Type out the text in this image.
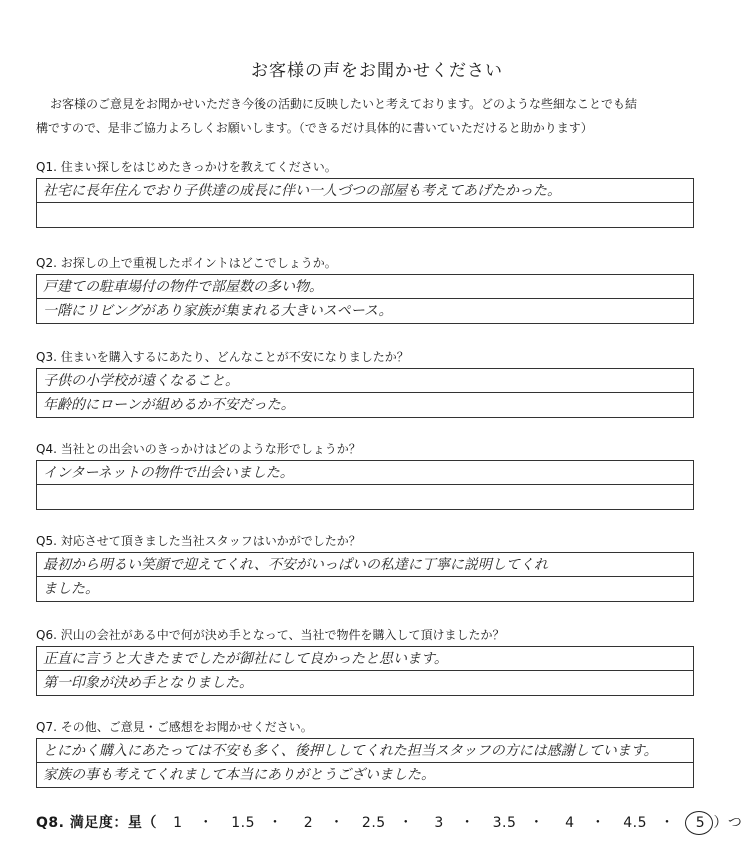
お客様の声をお聞かせください
お客様のご意見をお聞かせいただき今後の活動に反映したいと考えております。どのような些細なことでも結
構ですので、是非ご協力よろしくお願いします。（できるだけ具体的に書いていただけると助かります）
Q1. 住まい探しをはじめたきっかけを教えてください。
社宅に長年住んでおり子供達の成長に伴い一人づつの部屋も考えてあげたかった。
Q2. お探しの上で重視したポイントはどこでしょうか。
戸建ての駐車場付の物件で部屋数の多い物。
一階にリビングがあり家族が集まれる大きいスペース。
Q3. 住まいを購入するにあたり、どんなことが不安になりましたか？
子供の小学校が遠くなること。
年齢的にローンが組めるか不安だった。
Q4. 当社との出会いのきっかけはどのような形でしょうか？
インターネットの物件で出会いました。
Q5. 対応させて頂きました当社スタッフはいかがでしたか？
最初から明るい笑顔で迎えてくれ、不安がいっぱいの私達に丁寧に説明してくれ
ました。
Q6. 沢山の会社がある中で何が決め手となって、当社で物件を購入して頂けましたか？
正直に言うと大きたまでしたが御社にして良かったと思います。
第一印象が決め手となりました。
Q7. その他、ご意見・ご感想をお聞かせください。
とにかく購入にあたっては不安も多く、後押ししてくれた担当スタッフの方には感謝しています。
家族の事も考えてくれまして本当にありがとうございました。
Q8. 満足度：星（ 1 ・ 1.5 ・ 2 ・ 2.5 ・ 3 ・ 3.5 ・ 4 ・ 4.5 ・ 5 ）つ
